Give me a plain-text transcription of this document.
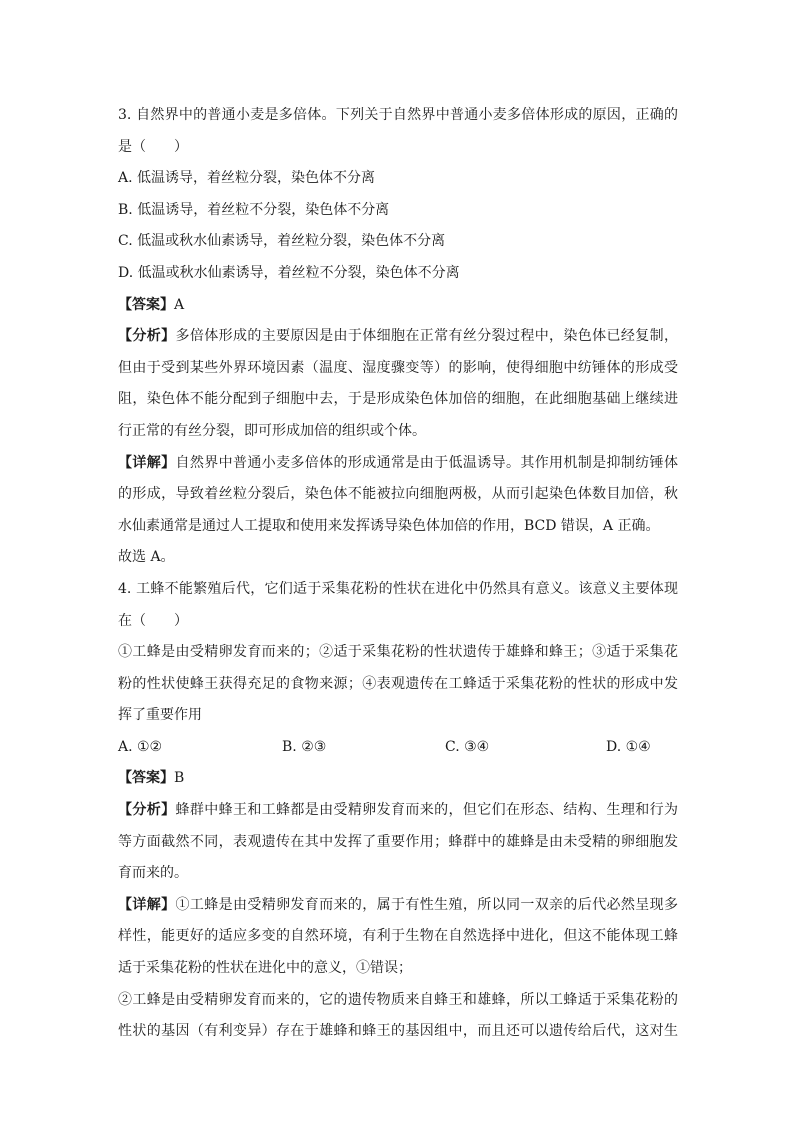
3. 自然界中的普通小麦是多倍体。下列关于自然界中普通小麦多倍体形成的原因，正确的
是（　　）
A. 低温诱导，着丝粒分裂，染色体不分离
B. 低温诱导，着丝粒不分裂，染色体不分离
C. 低温或秋水仙素诱导，着丝粒分裂，染色体不分离
D. 低温或秋水仙素诱导，着丝粒不分裂，染色体不分离
【答案】A
【分析】多倍体形成的主要原因是由于体细胞在正常有丝分裂过程中，染色体已经复制，
但由于受到某些外界环境因素（温度、湿度骤变等）的影响，使得细胞中纺锤体的形成受
阻，染色体不能分配到子细胞中去，于是形成染色体加倍的细胞，在此细胞基础上继续进
行正常的有丝分裂，即可形成加倍的组织或个体。
【详解】自然界中普通小麦多倍体的形成通常是由于低温诱导。其作用机制是抑制纺锤体
的形成，导致着丝粒分裂后，染色体不能被拉向细胞两极，从而引起染色体数目加倍，秋
水仙素通常是通过人工提取和使用来发挥诱导染色体加倍的作用，BCD 错误，A 正确。
故选 A。
4. 工蜂不能繁殖后代，它们适于采集花粉的性状在进化中仍然具有意义。该意义主要体现
在（　　）
①工蜂是由受精卵发育而来的；②适于采集花粉的性状遗传于雄蜂和蜂王；③适于采集花
粉的性状使蜂王获得充足的食物来源；④表观遗传在工蜂适于采集花粉的性状的形成中发
挥了重要作用
A. ①②	B. ②③	C. ③④	D. ①④
【答案】B
【分析】蜂群中蜂王和工蜂都是由受精卵发育而来的，但它们在形态、结构、生理和行为
等方面截然不同，表观遗传在其中发挥了重要作用；蜂群中的雄蜂是由未受精的卵细胞发
育而来的。
【详解】①工蜂是由受精卵发育而来的，属于有性生殖，所以同一双亲的后代必然呈现多
样性，能更好的适应多变的自然环境，有利于生物在自然选择中进化，但这不能体现工蜂
适于采集花粉的性状在进化中的意义，①错误；
②工蜂是由受精卵发育而来的，它的遗传物质来自蜂王和雄蜂，所以工蜂适于采集花粉的
性状的基因（有利变异）存在于雄蜂和蜂王的基因组中，而且还可以遗传给后代，这对生
